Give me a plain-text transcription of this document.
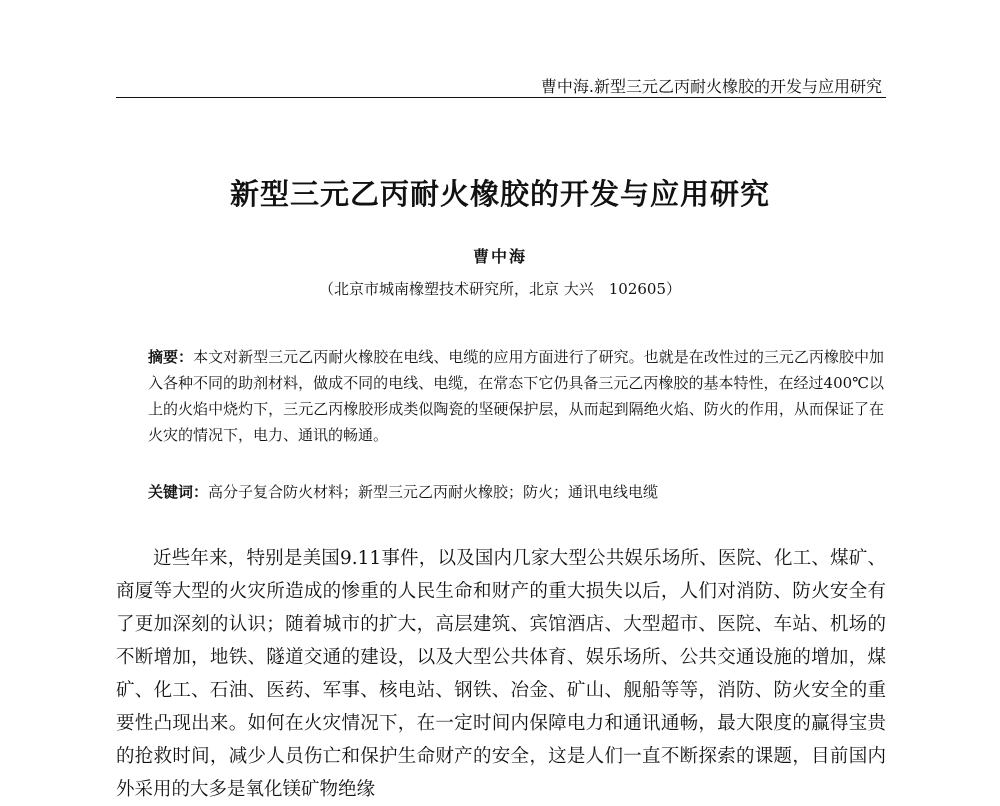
曹中海.新型三元乙丙耐火橡胶的开发与应用研究
新型三元乙丙耐火橡胶的开发与应用研究
曹中海
（北京市城南橡塑技术研究所，北京 大兴　102605）
摘要：本文对新型三元乙丙耐火橡胶在电线、电缆的应用方面进行了研究。也就是在改性过的三元乙丙橡胶中加入各种不同的助剂材料，做成不同的电线、电缆，在常态下它仍具备三元乙丙橡胶的基本特性，在经过400℃以上的火焰中烧灼下，三元乙丙橡胶形成类似陶瓷的坚硬保护层，从而起到隔绝火焰、防火的作用，从而保证了在火灾的情况下，电力、通讯的畅通。
关键词：高分子复合防火材料；新型三元乙丙耐火橡胶；防火；通讯电线电缆
近些年来，特别是美国9.11事件，以及国内几家大型公共娱乐场所、医院、化工、煤矿、商厦等大型的火灾所造成的惨重的人民生命和财产的重大损失以后，人们对消防、防火安全有了更加深刻的认识；随着城市的扩大，高层建筑、宾馆酒店、大型超市、医院、车站、机场的不断增加，地铁、隧道交通的建设，以及大型公共体育、娱乐场所、公共交通设施的增加，煤矿、化工、石油、医药、军事、核电站、钢铁、冶金、矿山、舰船等等，消防、防火安全的重要性凸现出来。如何在火灾情况下，在一定时间内保障电力和通讯通畅，最大限度的赢得宝贵的抢救时间，减少人员伤亡和保护生命财产的安全，这是人们一直不断探索的课题，目前国内外采用的大多是氧化镁矿物绝缘
